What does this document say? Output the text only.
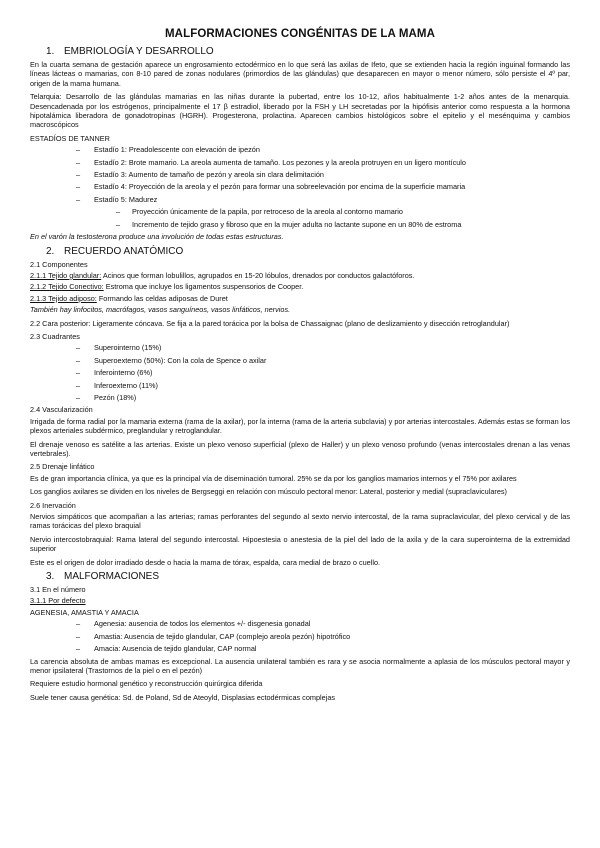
MALFORMACIONES CONGÉNITAS DE LA MAMA
1. EMBRIOLOGÍA Y DESARROLLO

En la cuarta semana de gestación aparece un engrosamiento ectodérmico en lo que será las axilas de Ifeto, que se extienden hacia la región inguinal formando las líneas lácteas o mamarias, con 8-10 pared de zonas nodulares (primordios de las glándulas) que desaparecen en mayor o menor número, sólo persiste el 4º par, origen de la mama humana.

Telarquia: Desarrollo de las glándulas mamarias en las niñas durante la pubertad, entre los 10-12, años habitualmente 1-2 años antes de la menarquia. Desencadenada por los estrógenos, principalmente el 17 β estradiol, liberado por la FSH y LH secretadas por la hipófisis anterior como respuesta a la hormona hipotalámica liberadora de gonadotropinas (HGRH). Progesterona, prolactina. Aparecen cambios histológicos sobre el epitelio y el mesénquima y cambios macroscópicos

ESTADÍOS DE TANNER
– Estadío 1: Preadolescente con elevación de ipezón
– Estadío 2: Brote mamario. La areola aumenta de tamaño. Los pezones y la areola protruyen en un ligero montículo
– Estadío 3: Aumento de tamaño de pezón y areola sin clara delimitación
– Estadío 4: Proyección de la areola y el pezón para formar una sobreelevación por encima de la superficie mamaria
– Estadío 5: Madurez
– Proyección únicamente de la papila, por retroceso de la areola al contorno mamario
– Incremento de tejido graso y fibroso que en la mujer adulta no lactante supone en un 80% de estroma

En el varón la testosterona produce una involución de todas estas estructuras.

2. RECUERDO ANATÓMICO
2.1 Componentes

2.1.1 Tejido glandular: Acinos que forman lobulillos, agrupados en 15-20 lóbulos, drenados por conductos galactóforos.

2.1.2 Tejido Conectivo: Estroma que incluye los ligamentos suspensorios de Cooper.

2.1.3 Tejido adiposo: Formando las celdas adiposas de Duret

También hay linfocitos, macrófagos, vasos sanguíneos, vasos linfáticos, nervios.

2.2 Cara posterior: Ligeramente cóncava. Se fija a la pared torácica por la bolsa de Chassaignac (plano de deslizamiento y disección retroglandular)

2.3 Cuadrantes
– Superointerno (15%)
– Superoexterno (50%): Con la cola de Spence o axilar
– Inferointerno (6%)
– Inferoexterno (11%)
– Pezón (18%)
2.4 Vascularización

Irrigada de forma radial por la mamaria externa (rama de la axilar), por la interna (rama de la arteria subclavia) y por arterias intercostales. Además estas se forman los plexos arteriales subdérmico, preglandular y retroglandular.

El drenaje venoso es satélite a las arterias. Existe un plexo venoso superficial (plexo de Haller) y un plexo venoso profundo (venas intercostales drenan a las venas vertebrales).

2.5 Drenaje linfático

Es de gran importancia clínica, ya que es la principal vía de diseminación tumoral. 25% se da por los ganglios mamarios internos y el 75% por axilares

Los ganglios axilares se dividen en los niveles de Bergseggi en relación con músculo pectoral menor: Lateral, posterior y medial (supraclaviculares)

2.6 Inervación

Nervios simpáticos que acompañan a las arterias; ramas perforantes del segundo al sexto nervio intercostal, de la rama supraclavicular, del plexo cervical y de las ramas torácicas del plexo braquial

Nervio intercostobraquial: Rama lateral del segundo intercostal. Hipoestesia o anestesia de la piel del lado de la axila y de la cara superointerna de la extremidad superior

Este es el origen de dolor irradiado desde o hacia la mama de tórax, espalda, cara medial de brazo o cuello.

3. MALFORMACIONES
3.1 En el número
3.1.1 Por defecto
AGENESIA, AMASTIA Y AMACIA
– Agenesia: ausencia de todos los elementos +/- disgenesia gonadal
– Amastia: Ausencia de tejido glandular, CAP (complejo areola pezón) hipotrófico
– Amacia: Ausencia de tejido glandular, CAP normal

La carencia absoluta de ambas mamas es excepcional. La ausencia unilateral también es rara y se asocia normalmente a aplasia de los músculos pectoral mayor y menor ipsilateral (Trastornos de la piel o en el pezón)

Requiere estudio hormonal genético y reconstrucción quirúrgica diferida

Suele tener causa genética: Sd. de Poland, Sd de Ateoyld, Displasias ectodérmicas complejas
